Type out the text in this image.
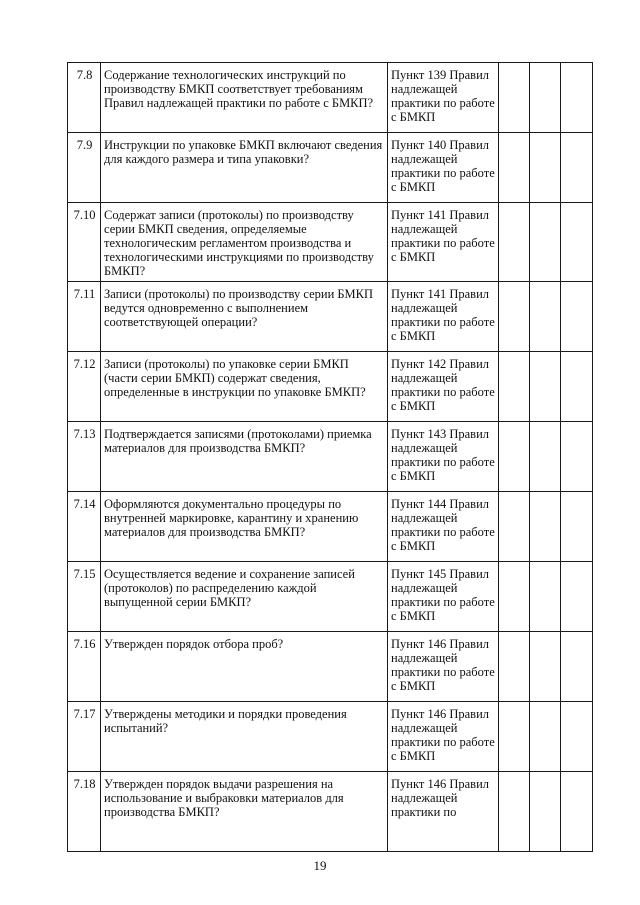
7.8	Содержание технологических инструкций по производству БМКП соответствует требованиям Правил надлежащей практики по работе с БМКП?	Пункт 139 Правил надлежащей практики по работе с БМКП			
7.9	Инструкции по упаковке БМКП включают сведения для каждого размера и типа упаковки?	Пункт 140 Правил надлежащей практики по работе с БМКП			
7.10	Содержат записи (протоколы) по производству серии БМКП сведения, определяемые технологическим регламентом производства и технологическими инструкциями по производству БМКП?	Пункт 141 Правил надлежащей практики по работе с БМКП			
7.11	Записи (протоколы) по производству серии БМКП ведутся одновременно с выполнением соответствующей операции?	Пункт 141 Правил надлежащей практики по работе с БМКП			
7.12	Записи (протоколы) по упаковке серии БМКП (части серии БМКП) содержат сведения, определенные в инструкции по упаковке БМКП?	Пункт 142 Правил надлежащей практики по работе с БМКП			
7.13	Подтверждается записями (протоколами) приемка материалов для производства БМКП?	Пункт 143 Правил надлежащей практики по работе с БМКП			
7.14	Оформляются документально процедуры по внутренней маркировке, карантину и хранению материалов для производства БМКП?	Пункт 144 Правил надлежащей практики по работе с БМКП			
7.15	Осуществляется ведение и сохранение записей (протоколов) по распределению каждой выпущенной серии БМКП?	Пункт 145 Правил надлежащей практики по работе с БМКП			
7.16	Утвержден порядок отбора проб?	Пункт 146 Правил надлежащей практики по работе с БМКП			
7.17	Утверждены методики и порядки проведения испытаний?	Пункт 146 Правил надлежащей практики по работе с БМКП			
7.18	Утвержден порядок выдачи разрешения на использование и выбраковки материалов для производства БМКП?	Пункт 146 Правил надлежащей практики по			
19
